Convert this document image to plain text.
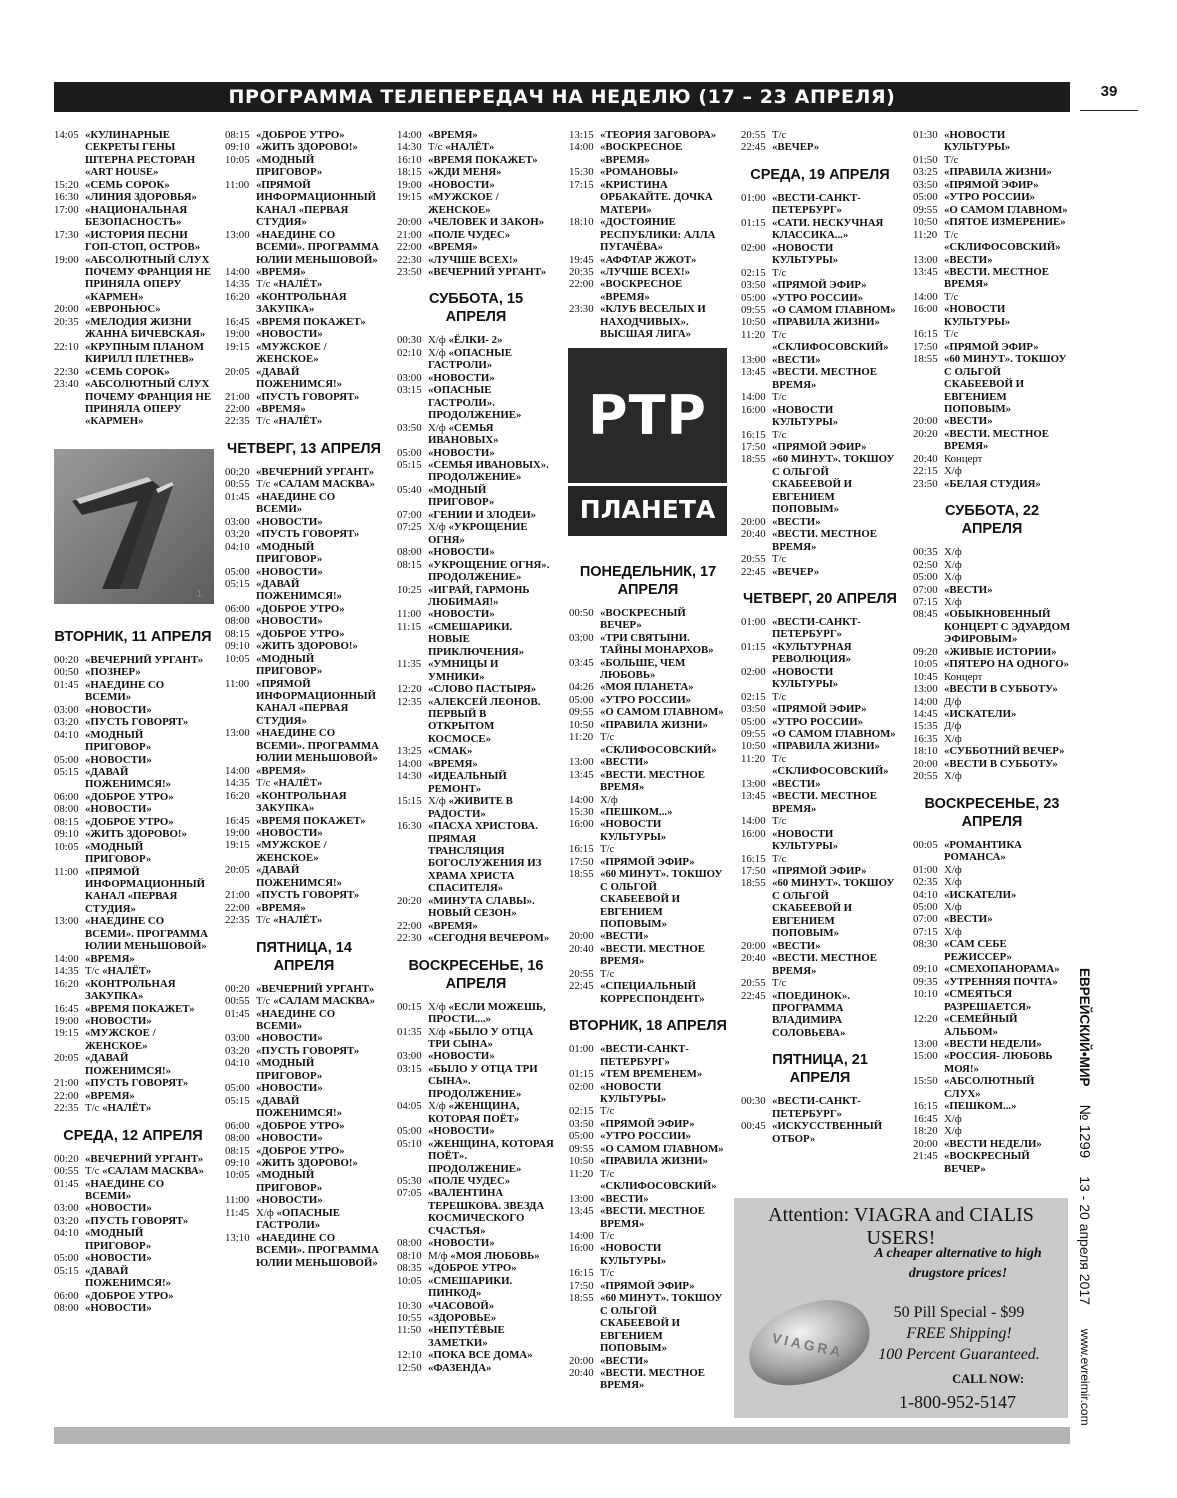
ПРОГРАММА ТЕЛЕПЕРЕДАЧ НА НЕДЕЛЮ (17 – 23 АПРЕЛЯ)	39
14:05 «КУЛИНАРНЫЕ СЕКРЕТЫ ГЕНЫ ШТЕРНА РЕСТОРАН «ART HOUSE»
15:20 «СЕМЬ СОРОК»
16:30 «ЛИНИЯ ЗДОРОВЬЯ»
17:00 «НАЦИОНАЛЬНАЯ БЕЗОПАСНОСТЬ»
17:30 «ИСТОРИЯ ПЕСНИ ГОП-СТОП, ОСТРОВ»
19:00 «АБСОЛЮТНЫЙ СЛУХ ПОЧЕМУ ФРАНЦИЯ НЕ ПРИНЯЛА ОПЕРУ «КАРМЕН»
20:00 «ЕВРОНЬЮС»
20:35 «МЕЛОДИЯ ЖИЗНИ ЖАННА БИЧЕВСКАЯ»
22:10 «КРУПНЫМ ПЛАНОМ КИРИЛЛ ПЛЕТНЕВ»
22:30 «СЕМЬ СОРОК»
23:40 «АБСОЛЮТНЫЙ СЛУХ ПОЧЕМУ ФРАНЦИЯ НЕ ПРИНЯЛА ОПЕРУ «КАРМЕН»
ВТОРНИК, 11 АПРЕЛЯ
00:20 «ВЕЧЕРНИЙ УРГАНТ»
00:50 «ПОЗНЕР»
01:45 «НАЕДИНЕ СО ВСЕМИ»
03:00 «НОВОСТИ»
03:20 «ПУСТЬ ГОВОРЯТ»
04:10 «МОДНЫЙ ПРИГОВОР»
05:00 «НОВОСТИ»
05:15 «ДАВАЙ ПОЖЕНИМСЯ!»
06:00 «ДОБРОЕ УТРО»
08:00 «НОВОСТИ»
08:15 «ДОБРОЕ УТРО»
09:10 «ЖИТЬ ЗДОРОВО!»
10:05 «МОДНЫЙ ПРИГОВОР»
11:00 «ПРЯМОЙ ИНФОРМАЦИОННЫЙ КАНАЛ «ПЕРВАЯ СТУДИЯ»
13:00 «НАЕДИНЕ СО ВСЕМИ». ПРОГРАММА ЮЛИИ МЕНЬШОВОЙ»
14:00 «ВРЕМЯ»
14:35 Т/с «НАЛЁТ»
16:20 «КОНТРОЛЬНАЯ ЗАКУПКА»
16:45 «ВРЕМЯ ПОКАЖЕТ»
19:00 «НОВОСТИ»
19:15 «МУЖСКОЕ / ЖЕНСКОЕ»
20:05 «ДАВАЙ ПОЖЕНИМСЯ!»
21:00 «ПУСТЬ ГОВОРЯТ»
22:00 «ВРЕМЯ»
22:35 Т/с «НАЛЁТ»
СРЕДА, 12 АПРЕЛЯ
00:20 «ВЕЧЕРНИЙ УРГАНТ»
00:55 Т/с «САЛАМ МАСКВА»
01:45 «НАЕДИНЕ СО ВСЕМИ»
03:00 «НОВОСТИ»
03:20 «ПУСТЬ ГОВОРЯТ»
04:10 «МОДНЫЙ ПРИГОВОР»
05:00 «НОВОСТИ»
05:15 «ДАВАЙ ПОЖЕНИМСЯ!»
06:00 «ДОБРОЕ УТРО»
08:00 «НОВОСТИ»
08:15 «ДОБРОЕ УТРО»
09:10 «ЖИТЬ ЗДОРОВО!»
10:05 «МОДНЫЙ ПРИГОВОР»
11:00 «ПРЯМОЙ ИНФОРМАЦИОННЫЙ КАНАЛ «ПЕРВАЯ СТУДИЯ»
13:00 «НАЕДИНЕ СО ВСЕМИ». ПРОГРАММА ЮЛИИ МЕНЬШОВОЙ»
14:00 «ВРЕМЯ»
14:35 Т/с «НАЛЁТ»
16:20 «КОНТРОЛЬНАЯ ЗАКУПКА»
16:45 «ВРЕМЯ ПОКАЖЕТ»
19:00 «НОВОСТИ»
19:15 «МУЖСКОЕ / ЖЕНСКОЕ»
20:05 «ДАВАЙ ПОЖЕНИМСЯ!»
21:00 «ПУСТЬ ГОВОРЯТ»
22:00 «ВРЕМЯ»
22:35 Т/с «НАЛЁТ»
ЧЕТВЕРГ, 13 АПРЕЛЯ
00:20 «ВЕЧЕРНИЙ УРГАНТ»
00:55 Т/с «САЛАМ МАСКВА»
01:45 «НАЕДИНЕ СО ВСЕМИ»
03:00 «НОВОСТИ»
03:20 «ПУСТЬ ГОВОРЯТ»
04:10 «МОДНЫЙ ПРИГОВОР»
05:00 «НОВОСТИ»
05:15 «ДАВАЙ ПОЖЕНИМСЯ!»
06:00 «ДОБРОЕ УТРО»
08:00 «НОВОСТИ»
08:15 «ДОБРОЕ УТРО»
09:10 «ЖИТЬ ЗДОРОВО!»
10:05 «МОДНЫЙ ПРИГОВОР»
11:00 «ПРЯМОЙ ИНФОРМАЦИОННЫЙ КАНАЛ «ПЕРВАЯ СТУДИЯ»
13:00 «НАЕДИНЕ СО ВСЕМИ». ПРОГРАММА ЮЛИИ МЕНЬШОВОЙ»
14:00 «ВРЕМЯ»
14:35 Т/с «НАЛЁТ»
16:20 «КОНТРОЛЬНАЯ ЗАКУПКА»
16:45 «ВРЕМЯ ПОКАЖЕТ»
19:00 «НОВОСТИ»
19:15 «МУЖСКОЕ / ЖЕНСКОЕ»
20:05 «ДАВАЙ ПОЖЕНИМСЯ!»
21:00 «ПУСТЬ ГОВОРЯТ»
22:00 «ВРЕМЯ»
22:35 Т/с «НАЛЁТ»
ПЯТНИЦА, 14 АПРЕЛЯ
00:20 «ВЕЧЕРНИЙ УРГАНТ»
00:55 Т/с «САЛАМ МАСКВА»
01:45 «НАЕДИНЕ СО ВСЕМИ»
03:00 «НОВОСТИ»
03:20 «ПУСТЬ ГОВОРЯТ»
04:10 «МОДНЫЙ ПРИГОВОР»
05:00 «НОВОСТИ»
05:15 «ДАВАЙ ПОЖЕНИМСЯ!»
06:00 «ДОБРОЕ УТРО»
08:00 «НОВОСТИ»
08:15 «ДОБРОЕ УТРО»
09:10 «ЖИТЬ ЗДОРОВО!»
10:05 «МОДНЫЙ ПРИГОВОР»
11:00 «НОВОСТИ»
11:45 Х/ф «ОПАСНЫЕ ГАСТРОЛИ»
13:10 «НАЕДИНЕ СО ВСЕМИ». ПРОГРАММА ЮЛИИ МЕНЬШОВОЙ»
14:00 «ВРЕМЯ»
14:30 Т/с «НАЛЁТ»
16:10 «ВРЕМЯ ПОКАЖЕТ»
18:15 «ЖДИ МЕНЯ»
19:00 «НОВОСТИ»
19:15 «МУЖСКОЕ / ЖЕНСКОЕ»
20:00 «ЧЕЛОВЕК И ЗАКОН»
21:00 «ПОЛЕ ЧУДЕС»
22:00 «ВРЕМЯ»
22:30 «ЛУЧШЕ ВСЕХ!»
23:50 «ВЕЧЕРНИЙ УРГАНТ»
СУББОТА, 15 АПРЕЛЯ
00:30 Х/ф «ЁЛКИ- 2»
02:10 Х/ф «ОПАСНЫЕ ГАСТРОЛИ»
03:00 «НОВОСТИ»
03:15 «ОПАСНЫЕ ГАСТРОЛИ». ПРОДОЛЖЕНИЕ»
03:50 Х/ф «СЕМЬЯ ИВАНОВЫХ»
05:00 «НОВОСТИ»
05:15 «СЕМЬЯ ИВАНОВЫХ». ПРОДОЛЖЕНИЕ»
05:40 «МОДНЫЙ ПРИГОВОР»
07:00 «ГЕНИИ И ЗЛОДЕИ»
07:25 Х/ф «УКРОЩЕНИЕ ОГНЯ»
08:00 «НОВОСТИ»
08:15 «УКРОЩЕНИЕ ОГНЯ». ПРОДОЛЖЕНИЕ»
10:25 «ИГРАЙ, ГАРМОНЬ ЛЮБИМАЯ!»
11:00 «НОВОСТИ»
11:15 «СМЕШАРИКИ. НОВЫЕ ПРИКЛЮЧЕНИЯ»
11:35 «УМНИЦЫ И УМНИКИ»
12:20 «СЛОВО ПАСТЫРЯ»
12:35 «АЛЕКСЕЙ ЛЕОНОВ. ПЕРВЫЙ В ОТКРЫТОМ КОСМОСЕ»
13:25 «СМАК»
14:00 «ВРЕМЯ»
14:30 «ИДЕАЛЬНЫЙ РЕМОНТ»
15:15 Х/ф «ЖИВИТЕ В РАДОСТИ»
16:30 «ПАСХА ХРИСТОВА. ПРЯМАЯ ТРАНСЛЯЦИЯ БОГОСЛУЖЕНИЯ ИЗ ХРАМА ХРИСТА СПАСИТЕЛЯ»
20:20 «МИНУТА СЛАВЫ». НОВЫЙ СЕЗОН»
22:00 «ВРЕМЯ»
22:30 «СЕГОДНЯ ВЕЧЕРОМ»
ВОСКРЕСЕНЬЕ, 16 АПРЕЛЯ
00:15 Х/ф «ЕСЛИ МОЖЕШЬ, ПРОСТИ....»
01:35 Х/ф «БЫЛО У ОТЦА ТРИ СЫНА»
03:00 «НОВОСТИ»
03:15 «БЫЛО У ОТЦА ТРИ СЫНА». ПРОДОЛЖЕНИЕ»
04:05 Х/ф «ЖЕНЩИНА, КОТОРАЯ ПОЁТ»
05:00 «НОВОСТИ»
05:10 «ЖЕНЩИНА, КОТОРАЯ ПОЁТ». ПРОДОЛЖЕНИЕ»
05:30 «ПОЛЕ ЧУДЕС»
07:05 «ВАЛЕНТИНА ТЕРЕШКОВА. ЗВЕЗДА КОСМИЧЕСКОГО СЧАСТЬЯ»
08:00 «НОВОСТИ»
08:10 М/ф «МОЯ ЛЮБОВЬ»
08:35 «ДОБРОЕ УТРО»
10:05 «СМЕШАРИКИ. ПИНКОД»
10:30 «ЧАСОВОЙ»
10:55 «ЗДОРОВЬЕ»
11:50 «НЕПУТЁВЫЕ ЗАМЕТКИ»
12:10 «ПОКА ВСЕ ДОМА»
12:50 «ФАЗЕНДА»
13:15 «ТЕОРИЯ ЗАГОВОРА»
14:00 «ВОСКРЕСНОЕ «ВРЕМЯ»
15:30 «РОМАНОВЫ»
17:15 «КРИСТИНА ОРБАКАЙТЕ. ДОЧКА МАТЕРИ»
18:10 «ДОСТОЯНИЕ РЕСПУБЛИКИ: АЛЛА ПУГАЧЁВА»
19:45 «АФФТАР ЖЖОТ»
20:35 «ЛУЧШЕ ВСЕХ!»
22:00 «ВОСКРЕСНОЕ «ВРЕМЯ»
23:30 «КЛУБ ВЕСЕЛЫХ И НАХОДЧИВЫХ». ВЫСШАЯ ЛИГА»
ПОНЕДЕЛЬНИК, 17 АПРЕЛЯ
00:50 «ВОСКРЕСНЫЙ ВЕЧЕР»
03:00 «ТРИ СВЯТЫНИ. ТАЙНЫ МОНАРХОВ»
03:45 «БОЛЬШЕ, ЧЕМ ЛЮБОВЬ»
04:26 «МОЯ ПЛАНЕТА»
05:00 «УТРО РОССИИ»
09:55 «О САМОМ ГЛАВНОМ»
10:50 «ПРАВИЛА ЖИЗНИ»
11:20 Т/с «СКЛИФОСОВСКИЙ»
13:00 «ВЕСТИ»
13:45 «ВЕСТИ. МЕСТНОЕ ВРЕМЯ»
14:00 Х/ф
15:30 «ПЕШКОМ...»
16:00 «НОВОСТИ КУЛЬТУРЫ»
16:15 Т/с
17:50 «ПРЯМОЙ ЭФИР»
18:55 «60 МИНУТ». ТОКШОУ С ОЛЬГОЙ СКАБЕЕВОЙ И ЕВГЕНИЕМ ПОПОВЫМ»
20:00 «ВЕСТИ»
20:40 «ВЕСТИ. МЕСТНОЕ ВРЕМЯ»
20:55 Т/с
22:45 «СПЕЦИАЛЬНЫЙ КОРРЕСПОНДЕНТ»
ВТОРНИК, 18 АПРЕЛЯ
01:00 «ВЕСТИ-САНКТ-ПЕТЕРБУРГ»
01:15 «ТЕМ ВРЕМЕНЕМ»
02:00 «НОВОСТИ КУЛЬТУРЫ»
02:15 Т/с
03:50 «ПРЯМОЙ ЭФИР»
05:00 «УТРО РОССИИ»
09:55 «О САМОМ ГЛАВНОМ»
10:50 «ПРАВИЛА ЖИЗНИ»
11:20 Т/с «СКЛИФОСОВСКИЙ»
13:00 «ВЕСТИ»
13:45 «ВЕСТИ. МЕСТНОЕ ВРЕМЯ»
14:00 Т/с
16:00 «НОВОСТИ КУЛЬТУРЫ»
16:15 Т/с
17:50 «ПРЯМОЙ ЭФИР»
18:55 «60 МИНУТ». ТОКШОУ С ОЛЬГОЙ СКАБЕЕВОЙ И ЕВГЕНИЕМ ПОПОВЫМ»
20:00 «ВЕСТИ»
20:40 «ВЕСТИ. МЕСТНОЕ ВРЕМЯ»
20:55 Т/с
22:45 «ВЕЧЕР»
СРЕДА, 19 АПРЕЛЯ
01:00 «ВЕСТИ-САНКТ-ПЕТЕРБУРГ»
01:15 «САТИ. НЕСКУЧНАЯ КЛАССИКА...»
02:00 «НОВОСТИ КУЛЬТУРЫ»
02:15 Т/с
03:50 «ПРЯМОЙ ЭФИР»
05:00 «УТРО РОССИИ»
09:55 «О САМОМ ГЛАВНОМ»
10:50 «ПРАВИЛА ЖИЗНИ»
11:20 Т/с «СКЛИФОСОВСКИЙ»
13:00 «ВЕСТИ»
13:45 «ВЕСТИ. МЕСТНОЕ ВРЕМЯ»
14:00 Т/с
16:00 «НОВОСТИ КУЛЬТУРЫ»
16:15 Т/с
17:50 «ПРЯМОЙ ЭФИР»
18:55 «60 МИНУТ». ТОКШОУ С ОЛЬГОЙ СКАБЕЕВОЙ И ЕВГЕНИЕМ ПОПОВЫМ»
20:00 «ВЕСТИ»
20:40 «ВЕСТИ. МЕСТНОЕ ВРЕМЯ»
20:55 Т/с
22:45 «ВЕЧЕР»
ЧЕТВЕРГ, 20 АПРЕЛЯ
01:00 «ВЕСТИ-САНКТ-ПЕТЕРБУРГ»
01:15 «КУЛЬТУРНАЯ РЕВОЛЮЦИЯ»
02:00 «НОВОСТИ КУЛЬТУРЫ»
02:15 Т/с
03:50 «ПРЯМОЙ ЭФИР»
05:00 «УТРО РОССИИ»
09:55 «О САМОМ ГЛАВНОМ»
10:50 «ПРАВИЛА ЖИЗНИ»
11:20 Т/с «СКЛИФОСОВСКИЙ»
13:00 «ВЕСТИ»
13:45 «ВЕСТИ. МЕСТНОЕ ВРЕМЯ»
14:00 Т/с
16:00 «НОВОСТИ КУЛЬТУРЫ»
16:15 Т/с
17:50 «ПРЯМОЙ ЭФИР»
18:55 «60 МИНУТ». ТОКШОУ С ОЛЬГОЙ СКАБЕЕВОЙ И ЕВГЕНИЕМ ПОПОВЫМ»
20:00 «ВЕСТИ»
20:40 «ВЕСТИ. МЕСТНОЕ ВРЕМЯ»
20:55 Т/с
22:45 «ПОЕДИНОК». ПРОГРАММА ВЛАДИМИРА СОЛОВЬЕВА»
ПЯТНИЦА, 21 АПРЕЛЯ
00:30 «ВЕСТИ-САНКТ-ПЕТЕРБУРГ»
00:45 «ИСКУССТВЕННЫЙ ОТБОР»
01:30 «НОВОСТИ КУЛЬТУРЫ»
01:50 Т/с
03:25 «ПРАВИЛА ЖИЗНИ»
03:50 «ПРЯМОЙ ЭФИР»
05:00 «УТРО РОССИИ»
09:55 «О САМОМ ГЛАВНОМ»
10:50 «ПЯТОЕ ИЗМЕРЕНИЕ»
11:20 Т/с «СКЛИФОСОВСКИЙ»
13:00 «ВЕСТИ»
13:45 «ВЕСТИ. МЕСТНОЕ ВРЕМЯ»
14:00 Т/с
16:00 «НОВОСТИ КУЛЬТУРЫ»
16:15 Т/с
17:50 «ПРЯМОЙ ЭФИР»
18:55 «60 МИНУТ». ТОКШОУ С ОЛЬГОЙ СКАБЕЕВОЙ И ЕВГЕНИЕМ ПОПОВЫМ»
20:00 «ВЕСТИ»
20:20 «ВЕСТИ. МЕСТНОЕ ВРЕМЯ»
20:40 Концерт
22:15 Х/ф
23:50 «БЕЛАЯ СТУДИЯ»
СУББОТА, 22 АПРЕЛЯ
00:35 Х/ф
02:50 Х/ф
05:00 Х/ф
07:00 «ВЕСТИ»
07:15 Х/ф
08:45 «ОБЫКНОВЕННЫЙ КОНЦЕРТ С ЭДУАРДОМ ЭФИРОВЫМ»
09:20 «ЖИВЫЕ ИСТОРИИ»
10:05 «ПЯТЕРО НА ОДНОГО»
10:45 Концерт
13:00 «ВЕСТИ В СУББОТУ»
14:00 Д/ф
14:45 «ИСКАТЕЛИ»
15:35 Д/ф
16:35 Х/ф
18:10 «СУББОТНИЙ ВЕЧЕР»
20:00 «ВЕСТИ В СУББОТУ»
20:55 Х/ф
ВОСКРЕСЕНЬЕ, 23 АПРЕЛЯ
00:05 «РОМАНТИКА РОМАНСА»
01:00 Х/ф
02:35 Х/ф
04:10 «ИСКАТЕЛИ»
05:00 Х/ф
07:00 «ВЕСТИ»
07:15 Х/ф
08:30 «САМ СЕБЕ РЕЖИССЕР»
09:10 «СМЕХОПАНОРАМА»
09:35 «УТРЕННЯЯ ПОЧТА»
10:10 «СМЕЯТЬСЯ РАЗРЕШАЕТСЯ»
12:20 «СЕМЕЙНЫЙ АЛЬБОМ»
13:00 «ВЕСТИ НЕДЕЛИ»
15:00 «РОССИЯ- ЛЮБОВЬ МОЯ!»
15:50 «АБСОЛЮТНЫЙ СЛУХ»
16:15 «ПЕШКОМ...»
16:45 Х/ф
18:20 Х/ф
20:00 «ВЕСТИ НЕДЕЛИ»
21:45 «ВОСКРЕСНЫЙ ВЕЧЕР»
1
РТР
ПЛАНЕТА
Attention: VIAGRA and CIALIS USERS!
VIAGRA
A cheaper alternative to high drugstore prices!
50 Pill Special - $99
FREE Shipping!
100 Percent Guaranteed.
CALL NOW:
1-800-952-5147
ЕВРЕЙСКИЙ•МИР
№ 1299
13 - 20 апреля 2017
www.evreimir.com
